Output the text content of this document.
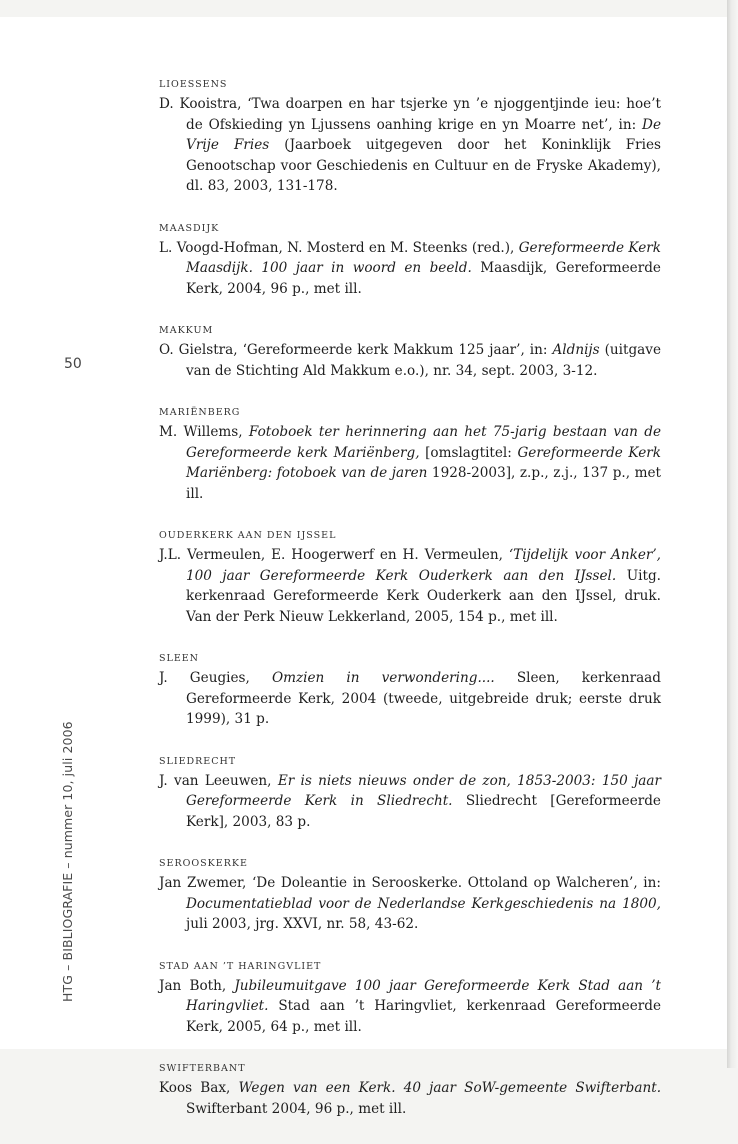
50
HTG – BIBLIOGRAFIE – nummer 10, juli 2006
LIOESSENS
D. Kooistra, ‘Twa doarpen en har tsjerke yn ’e njoggentjinde ieu: hoe’t de Ofskieding yn Ljussens oanhing krige en yn Moarre net’, in: De Vrije Fries (Jaarboek uitgegeven door het Koninklijk Fries Genootschap voor Geschiedenis en Cultuur en de Fryske Akademy), dl. 83, 2003, 131-178.
MAASDIJK
L. Voogd-Hofman, N. Mosterd en M. Steenks (red.), Gereformeerde Kerk Maasdijk. 100 jaar in woord en beeld. Maasdijk, Gereformeerde Kerk, 2004, 96 p., met ill.
MAKKUM
O. Gielstra, ‘Gereformeerde kerk Makkum 125 jaar’, in: Aldnijs (uitgave van de Stichting Ald Makkum e.o.), nr. 34, sept. 2003, 3-12.
MARIËNBERG
M. Willems, Fotoboek ter herinnering aan het 75-jarig bestaan van de Gereformeerde kerk Mariënberg, [omslagtitel: Gereformeerde Kerk Mariënberg: fotoboek van de jaren 1928-2003], z.p., z.j., 137 p., met ill.
OUDERKERK AAN DEN IJSSEL
J.L. Vermeulen, E. Hoogerwerf en H. Vermeulen, ‘Tijdelijk voor Anker’, 100 jaar Gereformeerde Kerk Ouderkerk aan den IJssel. Uitg. kerkenraad Gereformeerde Kerk Ouderkerk aan den IJssel, druk. Van der Perk Nieuw Lekkerland, 2005, 154 p., met ill.
SLEEN
J. Geugies, Omzien in verwondering.... Sleen, kerkenraad Gereformeerde Kerk, 2004 (tweede, uitgebreide druk; eerste druk 1999), 31 p.
SLIEDRECHT
J. van Leeuwen, Er is niets nieuws onder de zon, 1853-2003: 150 jaar Gereformeerde Kerk in Sliedrecht. Sliedrecht [Gereformeerde Kerk], 2003, 83 p.
SEROOSKERKE
Jan Zwemer, ‘De Doleantie in Serooskerke. Ottoland op Walcheren’, in: Documentatieblad voor de Nederlandse Kerkgeschiedenis na 1800, juli 2003, jrg. XXVI, nr. 58, 43-62.
STAD AAN ’T HARINGVLIET
Jan Both, Jubileumuitgave 100 jaar Gereformeerde Kerk Stad aan ’t Haringvliet. Stad aan ’t Haringvliet, kerkenraad Gereformeerde Kerk, 2005, 64 p., met ill.
SWIFTERBANT
Koos Bax, Wegen van een Kerk. 40 jaar SoW-gemeente Swifterbant. Swifterbant 2004, 96 p., met ill.
